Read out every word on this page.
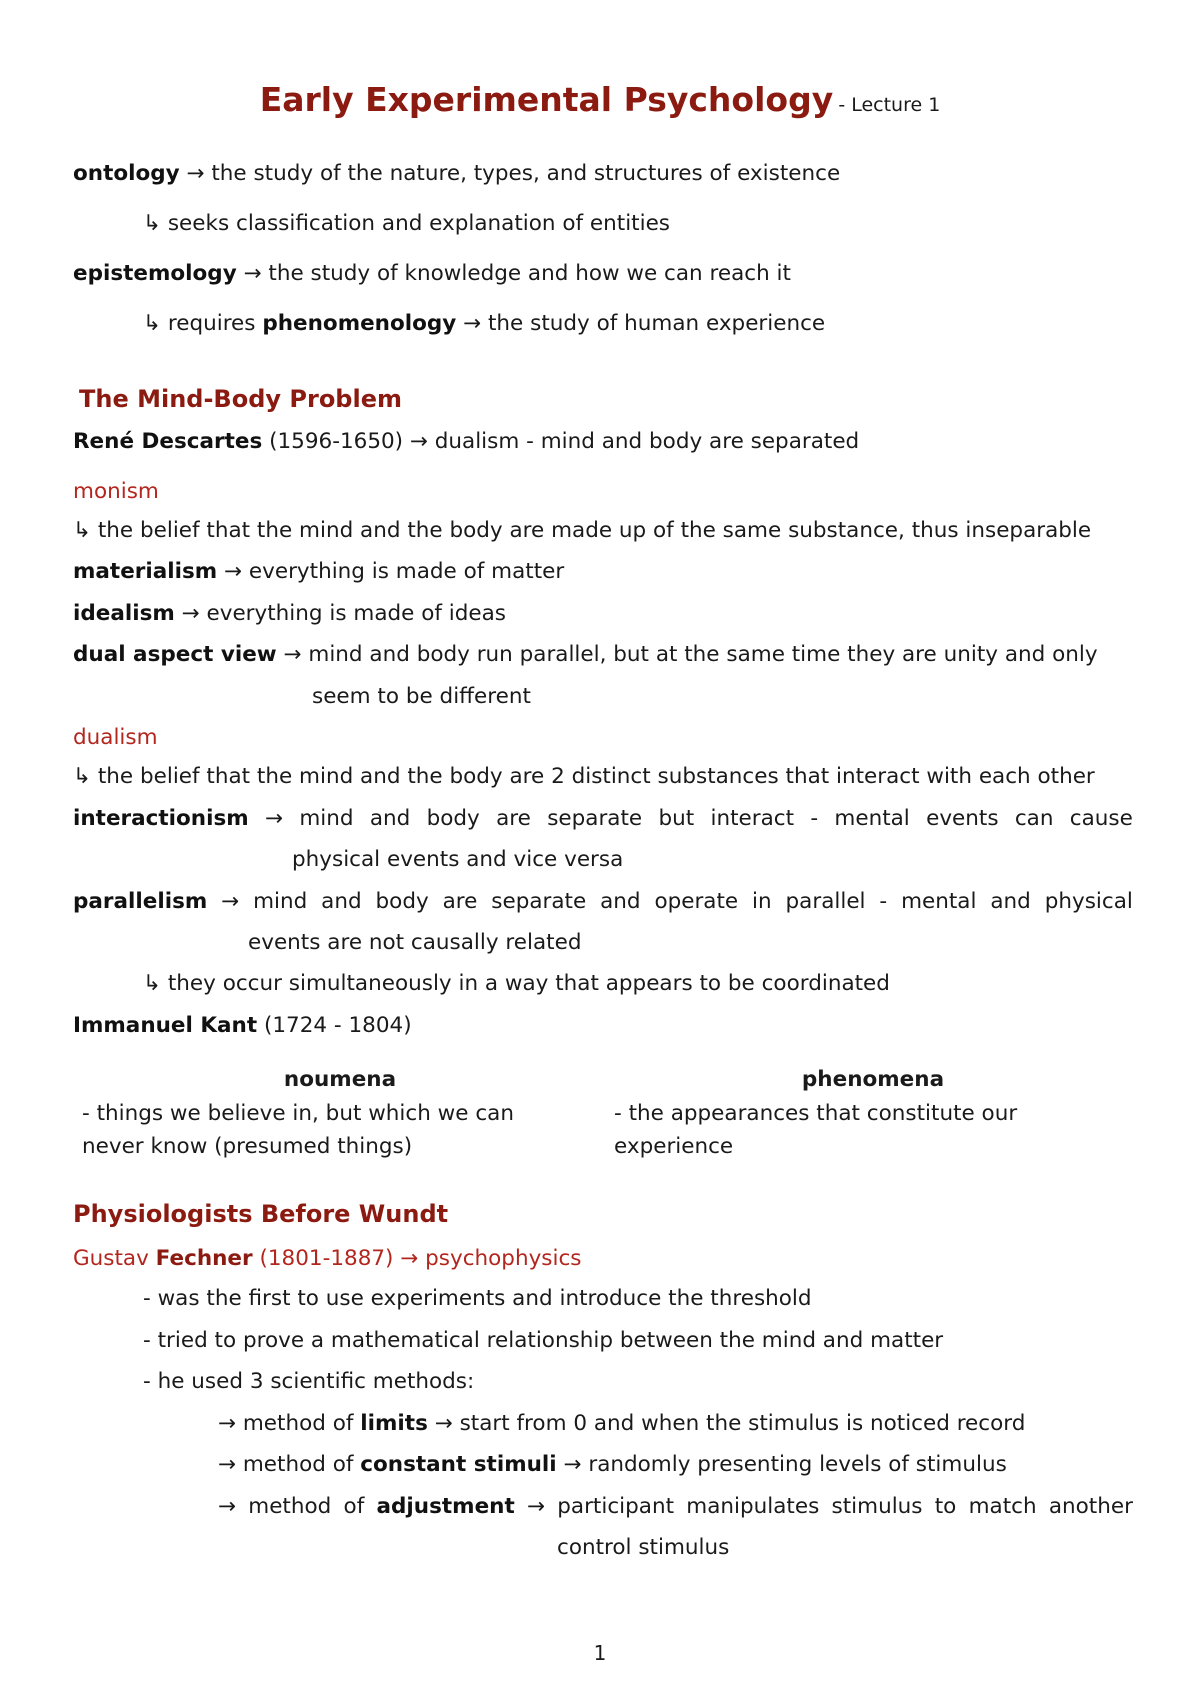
Early Experimental Psychology - Lecture 1
ontology → the study of the nature, types, and structures of existence
↳ seeks classification and explanation of entities
epistemology → the study of knowledge and how we can reach it
↳ requires phenomenology → the study of human experience
The Mind-Body Problem
René Descartes (1596-1650) → dualism - mind and body are separated
monism
↳ the belief that the mind and the body are made up of the same substance, thus inseparable
materialism → everything is made of matter
idealism → everything is made of ideas
dual aspect view → mind and body run parallel, but at the same time they are unity and only
seem to be different
dualism
↳ the belief that the mind and the body are 2 distinct substances that interact with each other
interactionism → mind and body are separate but interact - mental events can cause
physical events and vice versa
parallelism → mind and body are separate and operate in parallel - mental and physical
events are not causally related
↳ they occur simultaneously in a way that appears to be coordinated
Immanuel Kant (1724 - 1804)
noumena
- things we believe in, but which we can
never know (presumed things)
phenomena
- the appearances that constitute our
experience
Physiologists Before Wundt
Gustav Fechner (1801-1887) → psychophysics
- was the first to use experiments and introduce the threshold
- tried to prove a mathematical relationship between the mind and matter
- he used 3 scientific methods:
→ method of limits → start from 0 and when the stimulus is noticed record
→ method of constant stimuli → randomly presenting levels of stimulus
→ method of adjustment → participant manipulates stimulus to match another
control stimulus
1
